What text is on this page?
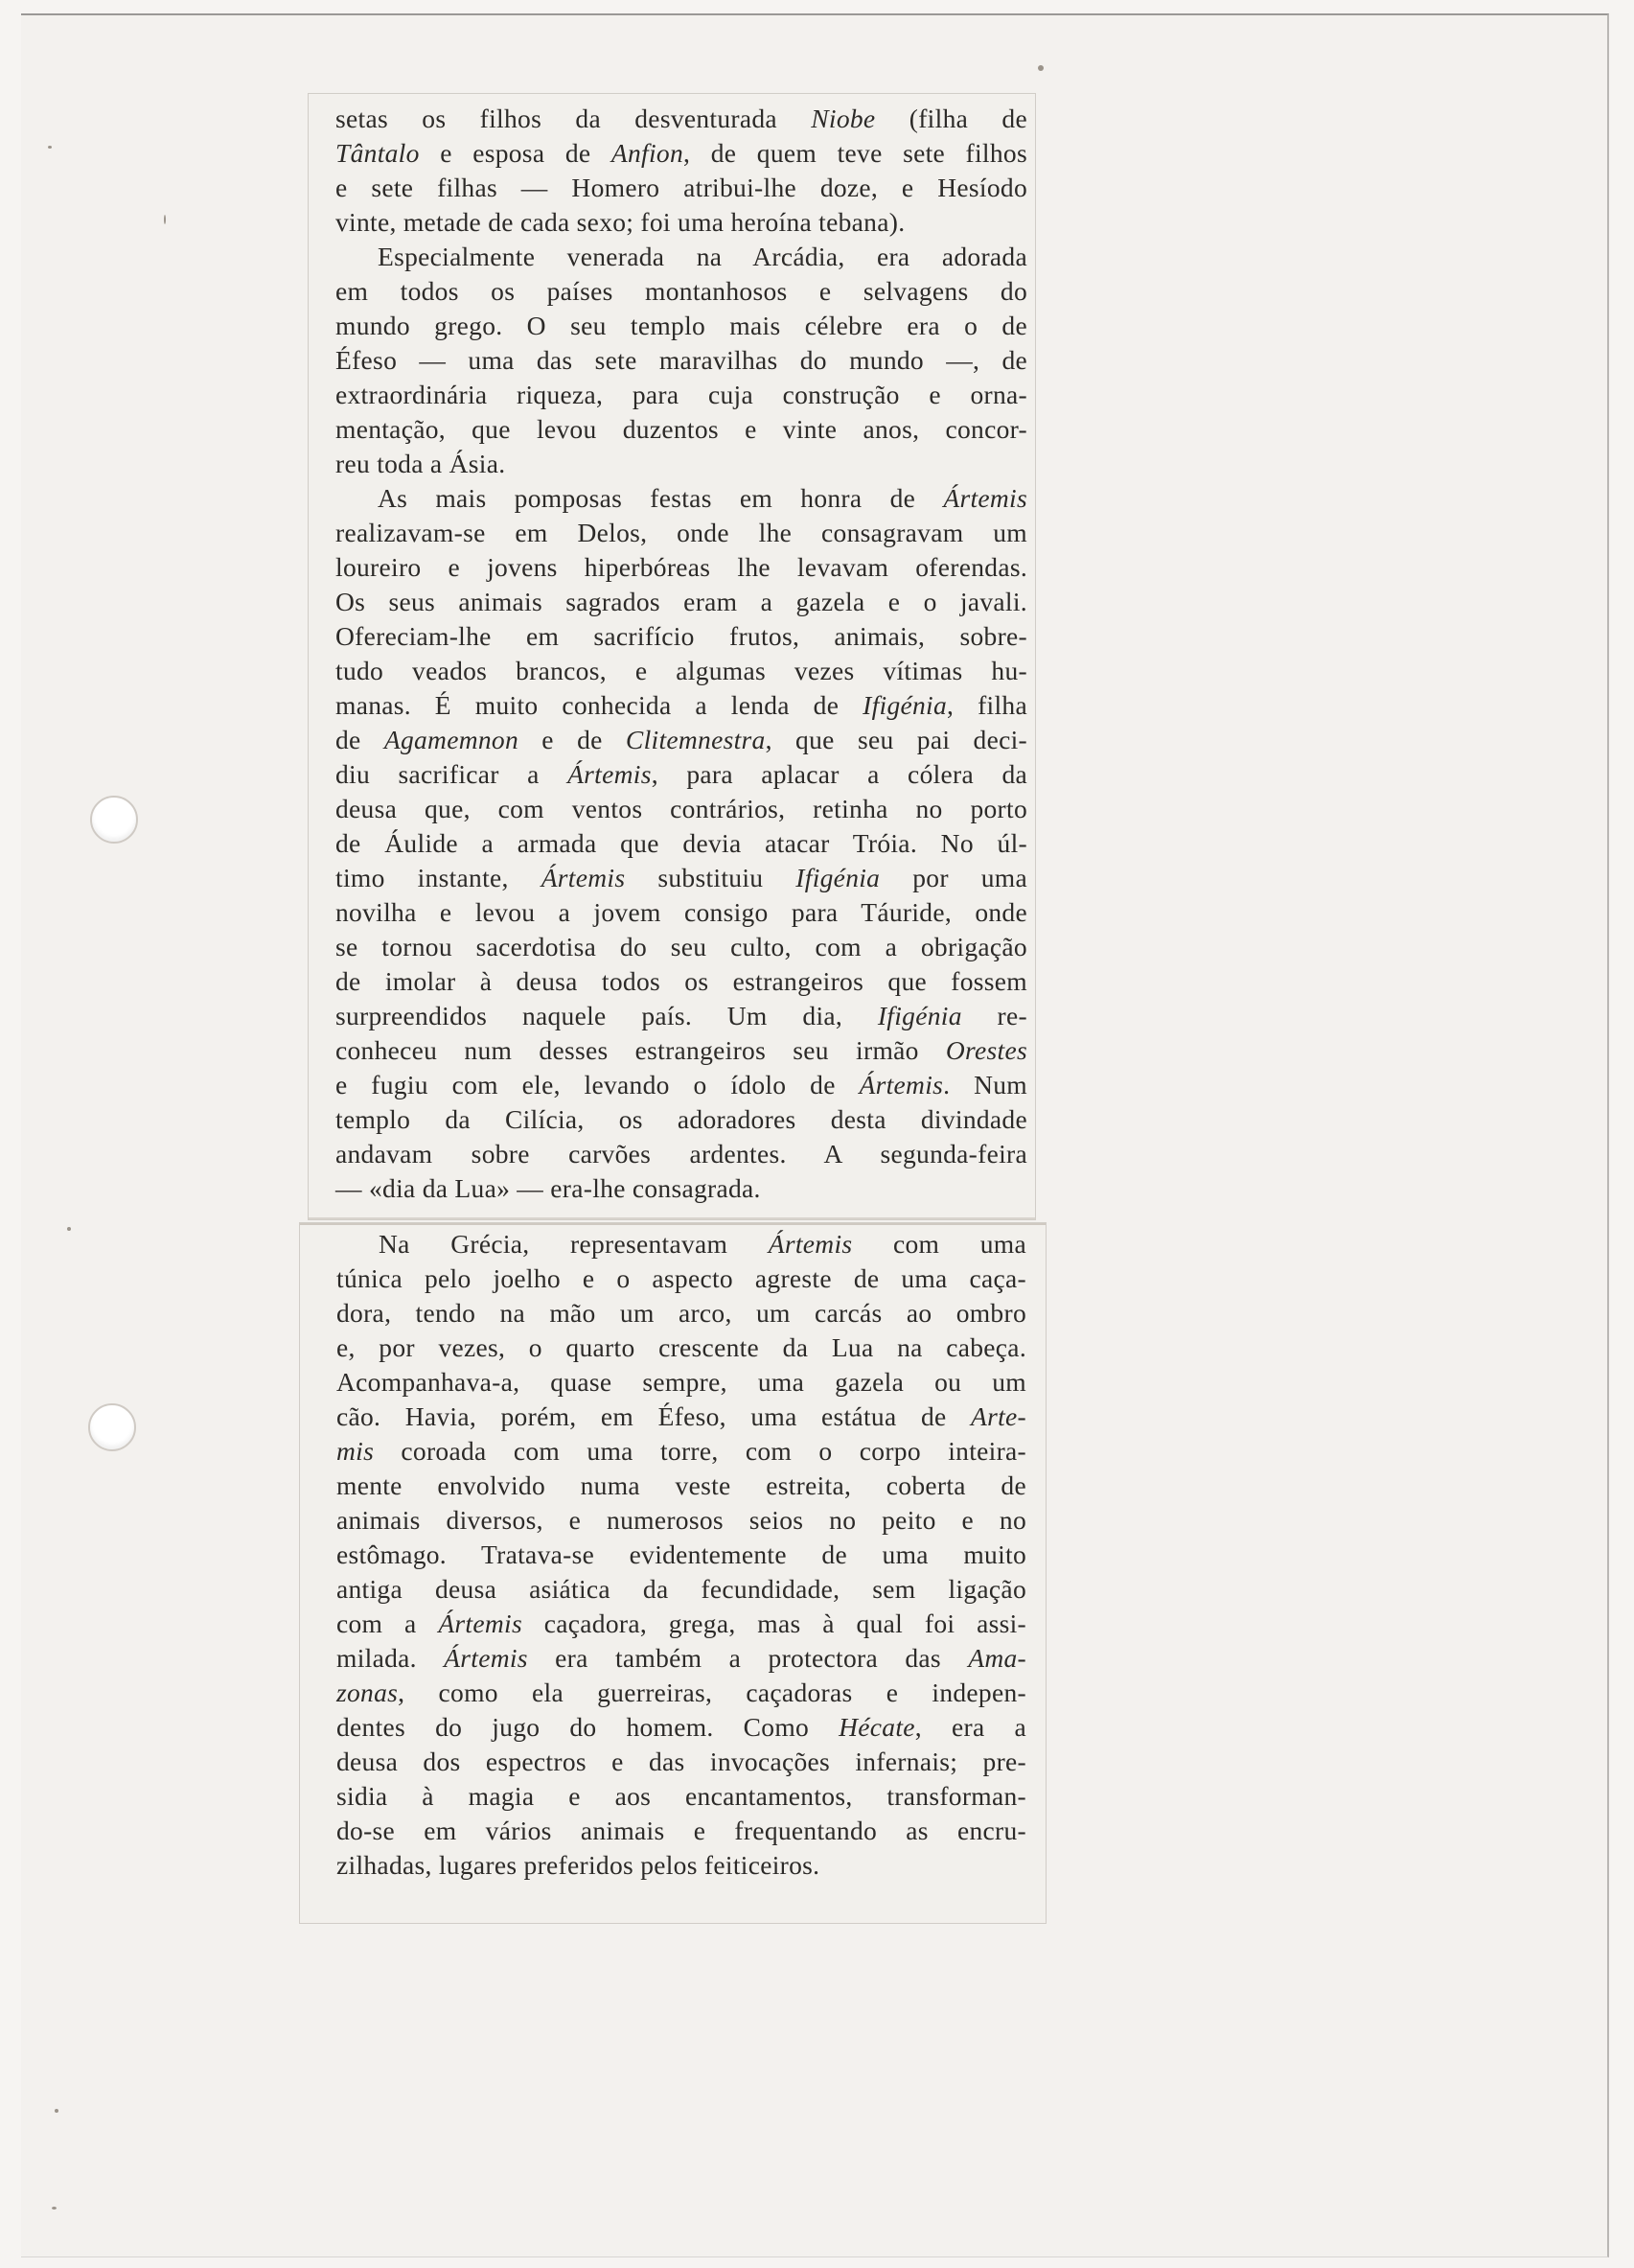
setas os filhos da desventurada Niobe (filha de
Tântalo e esposa de Anfion, de quem teve sete filhos
e sete filhas — Homero atribui-lhe doze, e Hesíodo
vinte, metade de cada sexo; foi uma heroína tebana).
Especialmente venerada na Arcádia, era adorada
em todos os países montanhosos e selvagens do
mundo grego. O seu templo mais célebre era o de
Éfeso — uma das sete maravilhas do mundo —, de
extraordinária riqueza, para cuja construção e orna-
mentação, que levou duzentos e vinte anos, concor-
reu toda a Ásia.
As mais pomposas festas em honra de Ártemis
realizavam-se em Delos, onde lhe consagravam um
loureiro e jovens hiperbóreas lhe levavam oferendas.
Os seus animais sagrados eram a gazela e o javali.
Ofereciam-lhe em sacrifício frutos, animais, sobre-
tudo veados brancos, e algumas vezes vítimas hu-
manas. É muito conhecida a lenda de Ifigénia, filha
de Agamemnon e de Clitemnestra, que seu pai deci-
diu sacrificar a Ártemis, para aplacar a cólera da
deusa que, com ventos contrários, retinha no porto
de Áulide a armada que devia atacar Tróia. No úl-
timo instante, Ártemis substituiu Ifigénia por uma
novilha e levou a jovem consigo para Táuride, onde
se tornou sacerdotisa do seu culto, com a obrigação
de imolar à deusa todos os estrangeiros que fossem
surpreendidos naquele país. Um dia, Ifigénia re-
conheceu num desses estrangeiros seu irmão Orestes
e fugiu com ele, levando o ídolo de Ártemis. Num
templo da Cilícia, os adoradores desta divindade
andavam sobre carvões ardentes. A segunda-feira
— «dia da Lua» — era-lhe consagrada.
Na Grécia, representavam Ártemis com uma
túnica pelo joelho e o aspecto agreste de uma caça-
dora, tendo na mão um arco, um carcás ao ombro
e, por vezes, o quarto crescente da Lua na cabeça.
Acompanhava-a, quase sempre, uma gazela ou um
cão. Havia, porém, em Éfeso, uma estátua de Arte-
mis coroada com uma torre, com o corpo inteira-
mente envolvido numa veste estreita, coberta de
animais diversos, e numerosos seios no peito e no
estômago. Tratava-se evidentemente de uma muito
antiga deusa asiática da fecundidade, sem ligação
com a Ártemis caçadora, grega, mas à qual foi assi-
milada. Ártemis era também a protectora das Ama-
zonas, como ela guerreiras, caçadoras e indepen-
dentes do jugo do homem. Como Hécate, era a
deusa dos espectros e das invocações infernais; pre-
sidia à magia e aos encantamentos, transforman-
do-se em vários animais e frequentando as encru-
zilhadas, lugares preferidos pelos feiticeiros.
